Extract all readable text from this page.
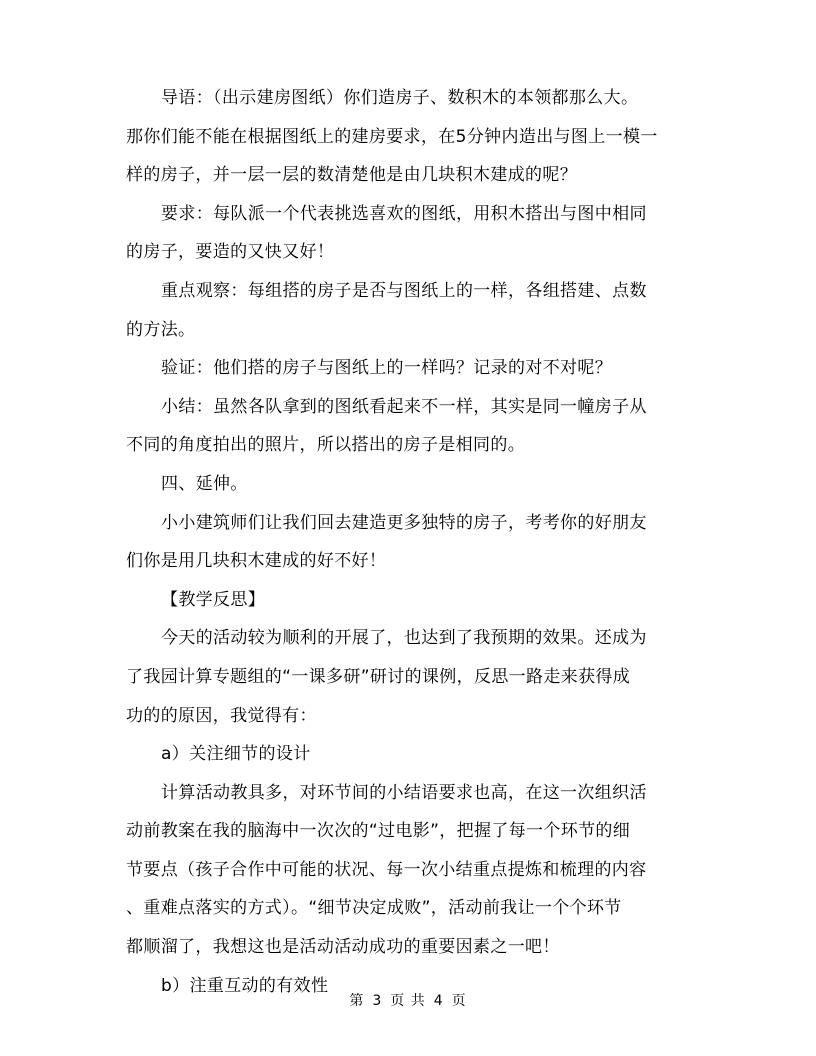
导语：（出示建房图纸）你们造房子、数积木的本领都那么大。
那你们能不能在根据图纸上的建房要求，在5分钟内造出与图上一模一
样的房子，并一层一层的数清楚他是由几块积木建成的呢？
要求：每队派一个代表挑选喜欢的图纸，用积木搭出与图中相同
的房子，要造的又快又好！
重点观察：每组搭的房子是否与图纸上的一样，各组搭建、点数
的方法。
验证：他们搭的房子与图纸上的一样吗？记录的对不对呢？
小结：虽然各队拿到的图纸看起来不一样，其实是同一幢房子从
不同的角度拍出的照片，所以搭出的房子是相同的。
四、延伸。
小小建筑师们让我们回去建造更多独特的房子，考考你的好朋友
们你是用几块积木建成的好不好！
【教学反思】
今天的活动较为顺利的开展了，也达到了我预期的效果。还成为
了我园计算专题组的“一课多研”研讨的课例，反思一路走来获得成
功的的原因，我觉得有：
a）关注细节的设计
计算活动教具多，对环节间的小结语要求也高，在这一次组织活
动前教案在我的脑海中一次次的“过电影”，把握了每一个环节的细
节要点（孩子合作中可能的状况、每一次小结重点提炼和梳理的内容
、重难点落实的方式）。“细节决定成败”，活动前我让一个个环节
都顺溜了，我想这也是活动活动成功的重要因素之一吧！
b）注重互动的有效性
第 3 页 共 4 页
